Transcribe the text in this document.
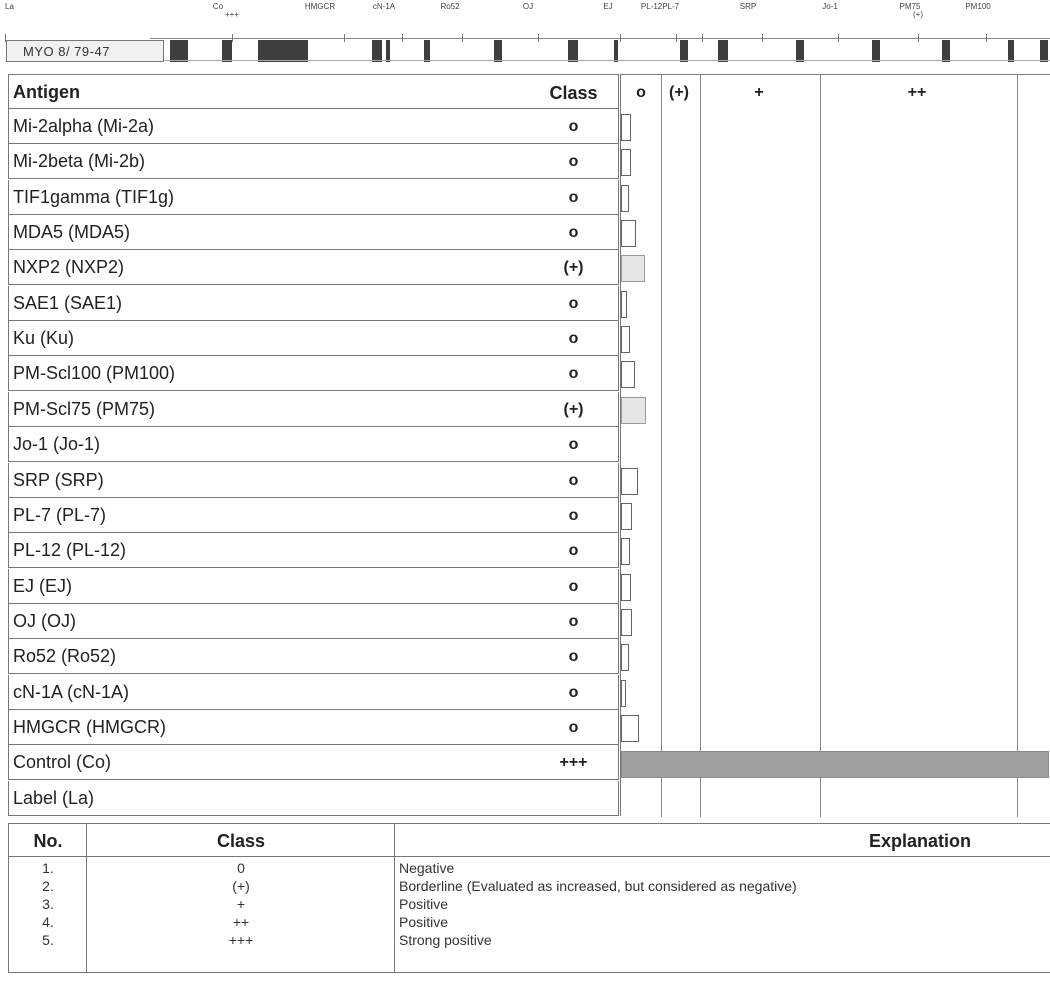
La	Co	HMGCR	cN-1A	Ro52	OJ	EJ	PL-12PL-7	SRP	Jo-1	PM75	PM100
+++	(+)
MYO 8/ 79-47
Antigen	Class
Mi-2alpha (Mi-2a)	o
Mi-2beta (Mi-2b)	o
TIF1gamma (TIF1g)	o
MDA5 (MDA5)	o
NXP2 (NXP2)	(+)
SAE1 (SAE1)	o
Ku (Ku)	o
PM-Scl100 (PM100)	o
PM-Scl75 (PM75)	(+)
Jo-1 (Jo-1)	o
SRP (SRP)	o
PL-7 (PL-7)	o
PL-12 (PL-12)	o
EJ (EJ)	o
OJ (OJ)	o
Ro52 (Ro52)	o
cN-1A (cN-1A)	o
HMGCR (HMGCR)	o
Control (Co)	+++
Label (La)
o (+)	+	++
No.	Class	Explanation
1.	0	Negative
2.	(+)	Borderline (Evaluated as increased, but considered as negative)
3.	+	Positive
4.	++	Positive
5.	+++	Strong positive
